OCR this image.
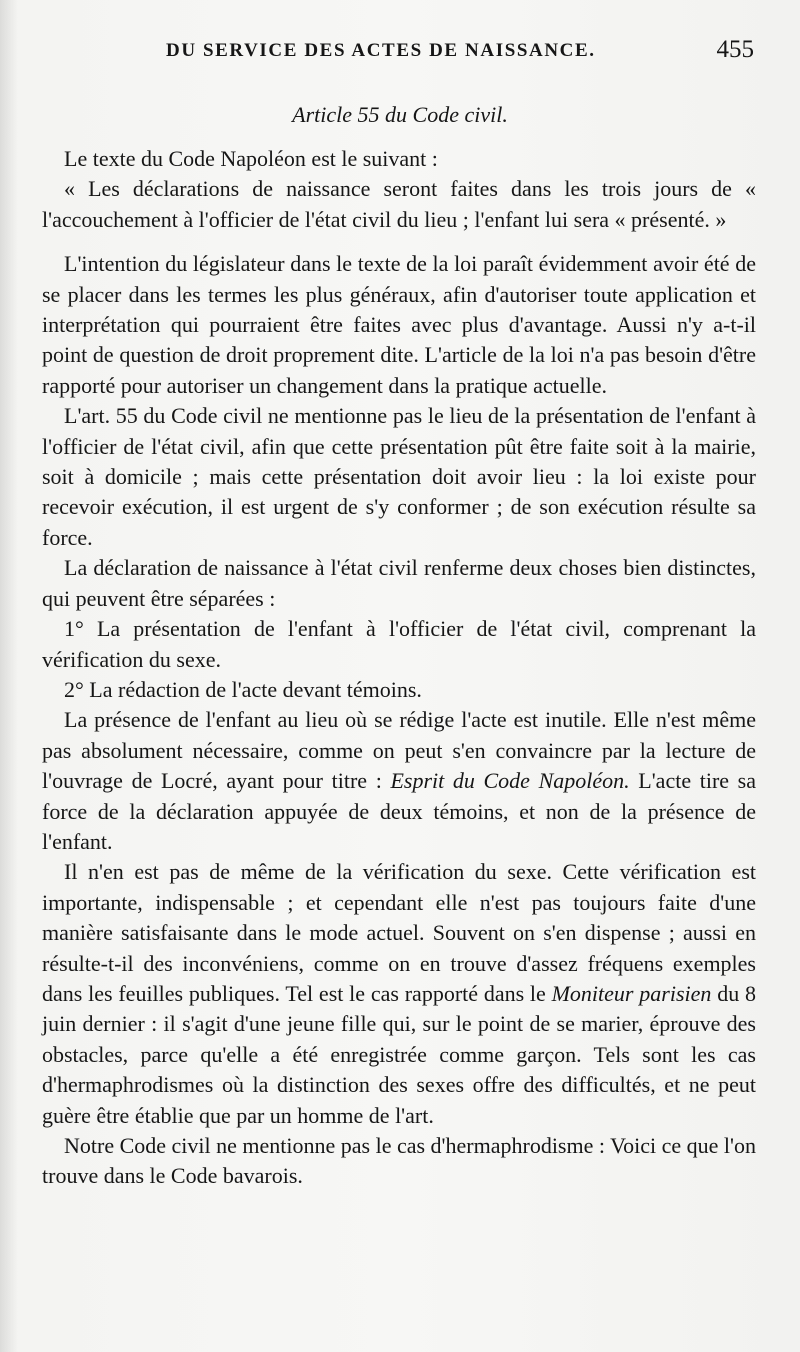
DU SERVICE DES ACTES DE NAISSANCE.	455
Article 55 du Code civil.

Le texte du Code Napoléon est le suivant :

« Les déclarations de naissance seront faites dans les trois jours de « l'accouchement à l'officier de l'état civil du lieu ; l'enfant lui sera « présenté. »

L'intention du législateur dans le texte de la loi paraît évidemment avoir été de se placer dans les termes les plus généraux, afin d'autoriser toute application et interprétation qui pourraient être faites avec plus d'avantage. Aussi n'y a-t-il point de question de droit proprement dite. L'article de la loi n'a pas besoin d'être rapporté pour autoriser un changement dans la pratique actuelle.

L'art. 55 du Code civil ne mentionne pas le lieu de la présentation de l'enfant à l'officier de l'état civil, afin que cette présentation pût être faite soit à la mairie, soit à domicile ; mais cette présentation doit avoir lieu : la loi existe pour recevoir exécution, il est urgent de s'y conformer ; de son exécution résulte sa force.

La déclaration de naissance à l'état civil renferme deux choses bien distinctes, qui peuvent être séparées :

1° La présentation de l'enfant à l'officier de l'état civil, comprenant la vérification du sexe.

2° La rédaction de l'acte devant témoins.

La présence de l'enfant au lieu où se rédige l'acte est inutile. Elle n'est même pas absolument nécessaire, comme on peut s'en convaincre par la lecture de l'ouvrage de Locré, ayant pour titre : Esprit du Code Napoléon. L'acte tire sa force de la déclaration appuyée de deux témoins, et non de la présence de l'enfant.

Il n'en est pas de même de la vérification du sexe. Cette vérification est importante, indispensable ; et cependant elle n'est pas toujours faite d'une manière satisfaisante dans le mode actuel. Souvent on s'en dispense ; aussi en résulte-t-il des inconvéniens, comme on en trouve d'assez fréquens exemples dans les feuilles publiques. Tel est le cas rapporté dans le Moniteur parisien du 8 juin dernier : il s'agit d'une jeune fille qui, sur le point de se marier, éprouve des obstacles, parce qu'elle a été enregistrée comme garçon. Tels sont les cas d'hermaphrodismes où la distinction des sexes offre des difficultés, et ne peut guère être établie que par un homme de l'art.

Notre Code civil ne mentionne pas le cas d'hermaphrodisme : Voici ce que l'on trouve dans le Code bavarois.
